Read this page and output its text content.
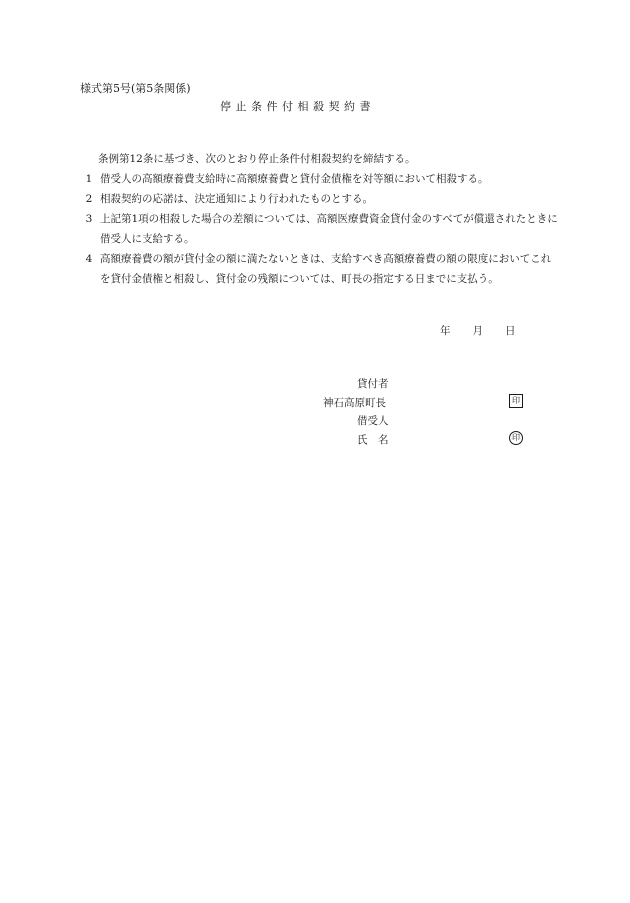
様式第5号(第5条関係)
停止条件付相殺契約書

条例第12条に基づき、次のとおり停止条件付相殺契約を締結する。

1 借受人の高額療養費支給時に高額療養費と貸付金債権を対等額において相殺する。

2 相殺契約の応諾は、決定通知により行われたものとする。

3 上記第1項の相殺した場合の差額については、高額医療費資金貸付金のすべてが償還されたときに借受人に支給する。

4 高額療養費の額が貸付金の額に満たないときは、支給すべき高額療養費の額の限度においてこれを貸付金債権と相殺し、貸付金の残額については、町長の指定する日までに支払う。

年 月 日
貸付者
神石高原町長	印
借受人
氏　名	印
